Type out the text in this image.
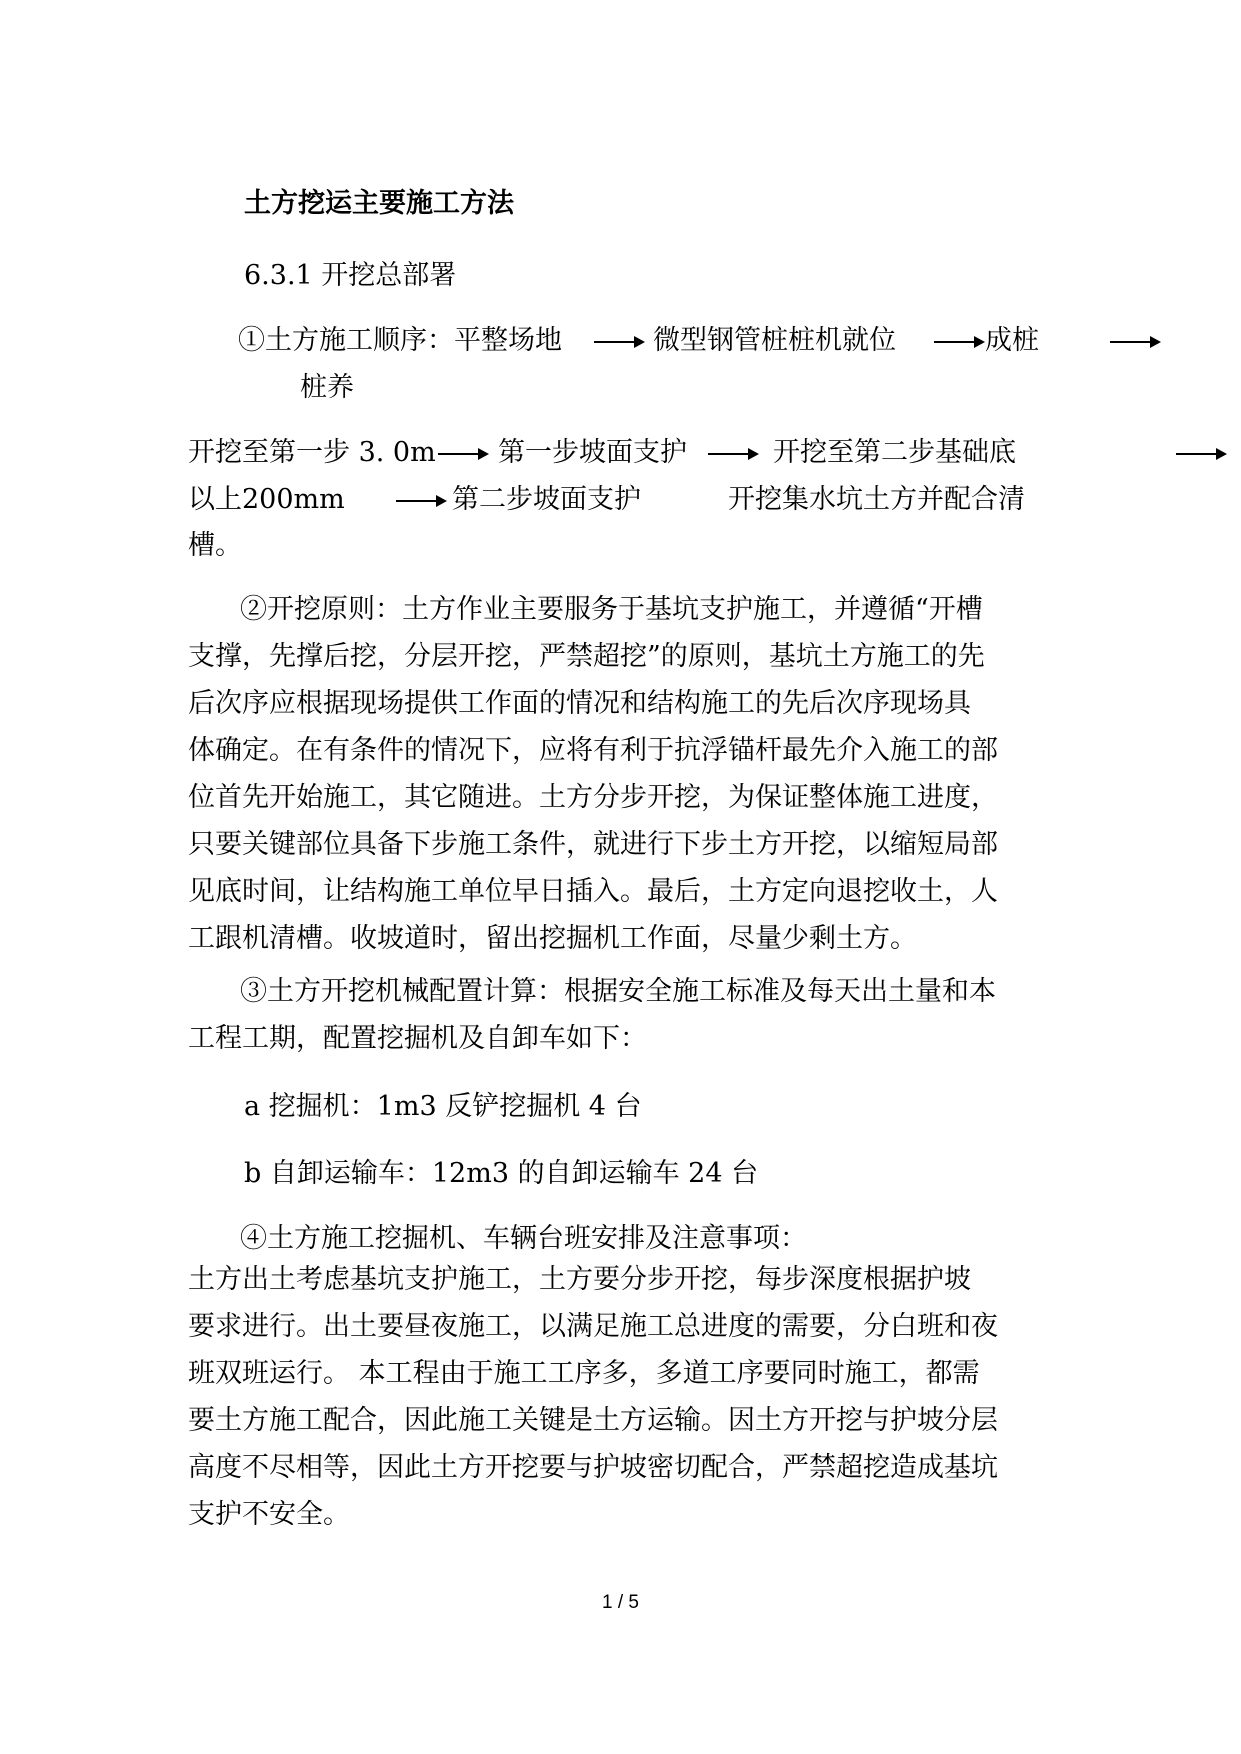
土方挖运主要施工方法
6.3.1 开挖总部署
①土方施工顺序：平整场地	微型钢管桩桩机就位	成桩
桩养
开挖至第一步 3. 0m 第一步坡面支护	开挖至第二步基础底
以上200mm	第二步坡面支护	开挖集水坑土方并配合清
槽。
②开挖原则：土方作业主要服务于基坑支护施工，并遵循“开槽
支撑，先撑后挖，分层开挖，严禁超挖”的原则，基坑土方施工的先
后次序应根据现场提供工作面的情况和结构施工的先后次序现场具
体确定。在有条件的情况下，应将有利于抗浮锚杆最先介入施工的部
位首先开始施工，其它随进。土方分步开挖，为保证整体施工进度，
只要关键部位具备下步施工条件，就进行下步土方开挖，以缩短局部
见底时间，让结构施工单位早日插入。最后，土方定向退挖收土，人
工跟机清槽。收坡道时，留出挖掘机工作面，尽量少剩土方。
③土方开挖机械配置计算：根据安全施工标准及每天出土量和本
工程工期，配置挖掘机及自卸车如下：
a 挖掘机：1m3 反铲挖掘机 4 台
b 自卸运输车：12m3 的自卸运输车 24 台
④土方施工挖掘机、车辆台班安排及注意事项：
土方出土考虑基坑支护施工，土方要分步开挖，每步深度根据护坡
要求进行。出土要昼夜施工，以满足施工总进度的需要，分白班和夜
班双班运行。 本工程由于施工工序多，多道工序要同时施工，都需
要土方施工配合，因此施工关键是土方运输。因土方开挖与护坡分层
高度不尽相等，因此土方开挖要与护坡密切配合，严禁超挖造成基坑
支护不安全。
1 / 5
